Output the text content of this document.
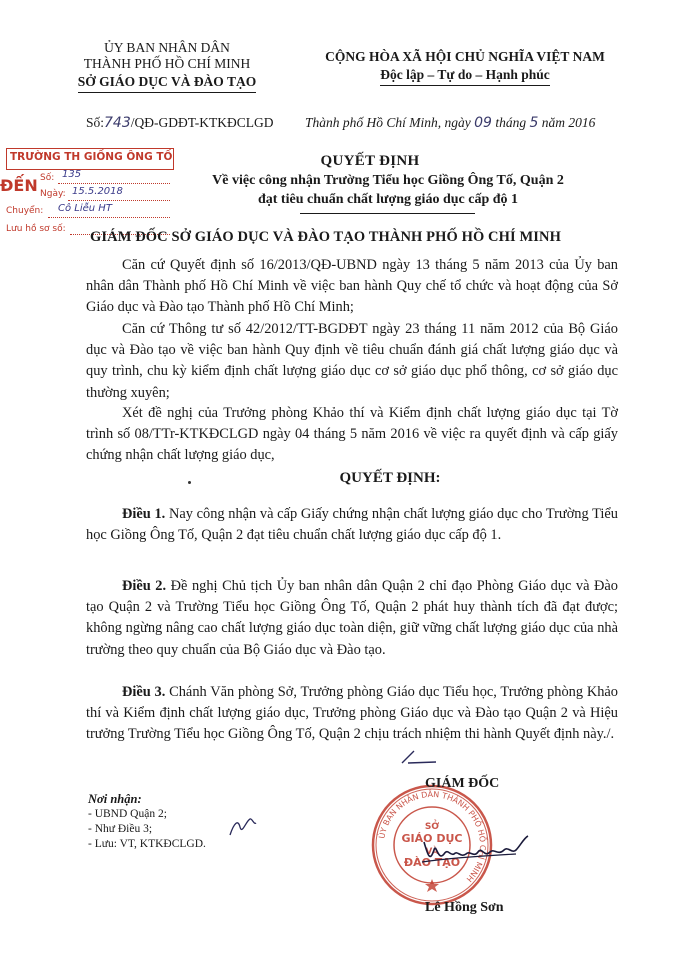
ỦY BAN NHÂN DÂN
THÀNH PHỐ HỒ CHÍ MINH
SỞ GIÁO DỤC VÀ ĐÀO TẠO
CỘNG HÒA XÃ HỘI CHỦ NGHĨA VIỆT NAM
Độc lập – Tự do – Hạnh phúc
Số:743/QĐ-GDĐT-KTKĐCLGD Thành phố Hồ Chí Minh, ngày 09 tháng 5 năm 2016
TRƯỜNG TH GIỒNG ÔNG TỐ
ĐẾN Số: 135
Ngày: 15.5.2018
Chuyển: Cô Liễu HT
Lưu hồ sơ số:
QUYẾT ĐỊNH
Về việc công nhận Trường Tiểu học Giồng Ông Tố, Quận 2
đạt tiêu chuẩn chất lượng giáo dục cấp độ 1
GIÁM ĐỐC SỞ GIÁO DỤC VÀ ĐÀO TẠO THÀNH PHỐ HỒ CHÍ MINH
Căn cứ Quyết định số 16/2013/QĐ-UBND ngày 13 tháng 5 năm 2013 của Ủy ban nhân dân Thành phố Hồ Chí Minh về việc ban hành Quy chế tổ chức và hoạt động của Sở Giáo dục và Đào tạo Thành phố Hồ Chí Minh;
Căn cứ Thông tư số 42/2012/TT-BGDĐT ngày 23 tháng 11 năm 2012 của Bộ Giáo dục và Đào tạo về việc ban hành Quy định về tiêu chuẩn đánh giá chất lượng giáo dục và quy trình, chu kỳ kiểm định chất lượng giáo dục cơ sở giáo dục phổ thông, cơ sở giáo dục thường xuyên;
Xét đề nghị của Trưởng phòng Khảo thí và Kiểm định chất lượng giáo dục tại Tờ trình số 08/TTr-KTKĐCLGD ngày 04 tháng 5 năm 2016 về việc ra quyết định và cấp giấy chứng nhận chất lượng giáo dục,
QUYẾT ĐỊNH:
Điều 1. Nay công nhận và cấp Giấy chứng nhận chất lượng giáo dục cho Trường Tiểu học Giồng Ông Tố, Quận 2 đạt tiêu chuẩn chất lượng giáo dục cấp độ 1.
Điều 2. Đề nghị Chủ tịch Ủy ban nhân dân Quận 2 chỉ đạo Phòng Giáo dục và Đào tạo Quận 2 và Trường Tiểu học Giồng Ông Tố, Quận 2 phát huy thành tích đã đạt được; không ngừng nâng cao chất lượng giáo dục toàn diện, giữ vững chất lượng giáo dục của nhà trường theo quy chuẩn của Bộ Giáo dục và Đào tạo.
Điều 3. Chánh Văn phòng Sở, Trưởng phòng Giáo dục Tiểu học, Trưởng phòng Khảo thí và Kiểm định chất lượng giáo dục, Trưởng phòng Giáo dục và Đào tạo Quận 2 và Hiệu trưởng Trường Tiểu học Giồng Ông Tố, Quận 2 chịu trách nhiệm thi hành Quyết định này./.
Nơi nhận:
- UBND Quận 2;
- Như Điều 3;
- Lưu: VT, KTKĐCLGD.
ỦY BAN NHÂN DÂN THÀNH PHỐ HỒ CHÍ MINH
SỞ
GIÁO DỤC
VÀ
ĐÀO TẠO
GIÁM ĐỐC
Lê Hồng Sơn
